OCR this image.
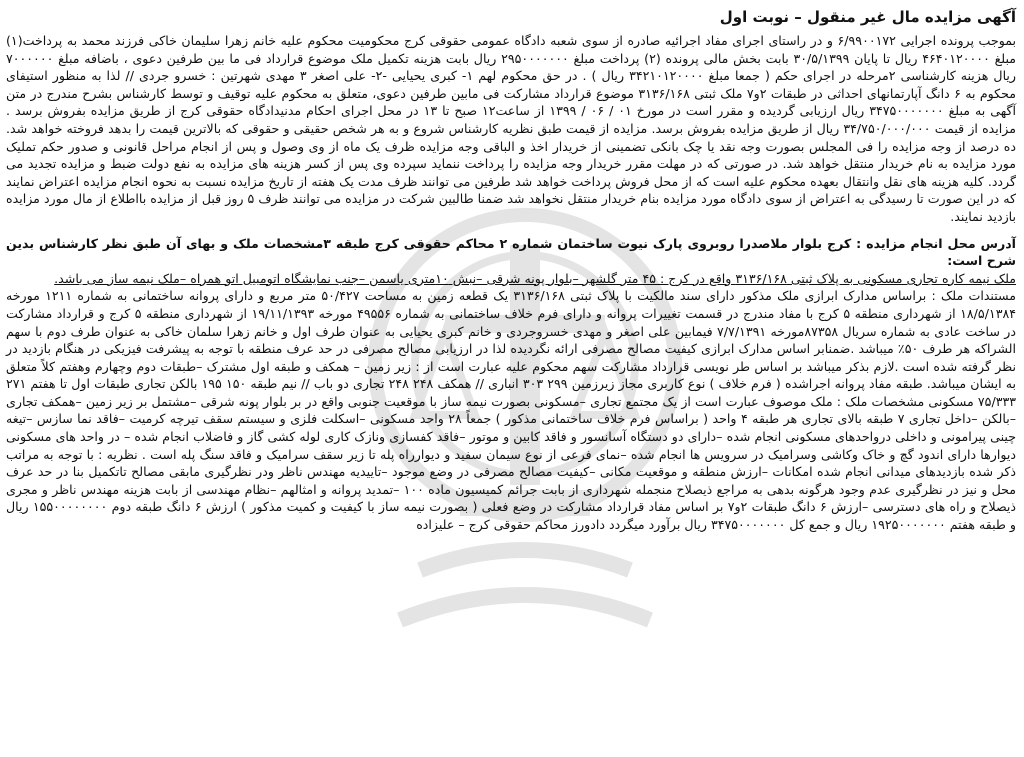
آگهی مزایده مال غیر منقول – نوبت اول

بموجب پرونده اجرایی ۶/۹۹۰۰۱۷۲ و در راستای اجرای مفاد اجرائیه صادره از سوی شعبه دادگاه عمومی حقوقی کرج محکومیت محکوم علیه خانم زهرا سلیمان خاکی فرزند محمد به پرداخت(۱) مبلغ ۴۶۴۰۱۲۰۰۰۰ ریال تا پایان ۳۰/۵/۱۳۹۹ بابت بخش مالی پرونده (۲) پرداخت مبلغ ۲۹۵۰۰۰۰۰۰۰ ریال بابت هزینه تکمیل ملک موضوع قرارداد فی ما بین طرفین دعوی ، باضافه مبلغ ۷۰۰۰۰۰۰ ریال هزینه کارشناسی ۲مرحله در اجرای حکم ( جمعا مبلغ ۳۴۲۱۰۱۲۰۰۰۰ ریال ) . در حق محکوم لهم ۱- کبری یحیایی -۲- علی اصغر ۳ مهدی شهرتین : خسرو جردی // لذا به منظور استیفای محکوم به ۶ دانگ آپارتمانهای احداثی در طبقات ۲و۷ ملک ثبتی ۳۱۳۶/۱۶۸ موضوع قرارداد مشارکت فی مابین طرفین دعوی، متعلق به محکوم علیه توقیف و توسط کارشناس بشرح مندرج در متن آگهی به مبلغ ۳۴۷۵۰۰۰۰۰۰۰ ریال ارزیابی گردیده و مقرر است در مورخ ۰۱ / ۰۶ / ۱۳۹۹ از ساعت۱۲ صبح تا ۱۳ در محل اجرای احکام مدنیدادگاه حقوقی کرج از طریق مزایده بفروش برسد . مزایده از قیمت ۳۴/۷۵۰/۰۰۰/۰۰۰ ریال از طریق مزایده بفروش برسد. مزایده از قیمت طبق نظریه کارشناس شروع و به هر شخص حقیقی و حقوقی که بالاترین قیمت را بدهد فروخته خواهد شد. ده درصد از وجه مزایده را فی المجلس بصورت وجه نقد یا چک بانکی تضمینی از خریدار اخذ و الباقی وجه مزایده ظرف یک ماه از وی وصول و پس از انجام مراحل قانونی و صدور حکم تملیک مورد مزایده به نام خریدار منتقل خواهد شد. در صورتی که در مهلت مقرر خریدار وجه مزایده را پرداخت ننماید سپرده وی پس از کسر هزینه های مزایده به نفع دولت ضبط و مزایده تجدید می گردد. کلیه هزینه های نقل وانتقال بعهده محکوم علیه است که از محل فروش پرداخت خواهد شد طرفین می توانند ظرف مدت یک هفته از تاریخ مزایده نسبت به نحوه انجام مزایده اعتراض نمایند که در این صورت تا رسیدگی به اعتراض از سوی دادگاه مورد مزایده بنام خریدار منتقل نخواهد شد ضمنا طالبین شرکت در مزایده می توانند ظرف ۵ روز قبل از مزایده بااطلاع از مال مورد مزایده بازدید نمایند.

آدرس محل انجام مزایده : کرج بلوار ملاصدرا روبروی پارک نیوت ساختمان شماره ۲ محاکم حقوقی کرج طبقه ۳مشخصات ملک و بهای آن طبق نظر کارشناس بدین شرح است:

ملک نیمه کاره تجاری مسکونی به پلاک ثبتی ۳۱۳۶/۱۶۸ واقع در کرج : ۴۵ متر گلشهر –بلوار پونه شرقی –نبش ۱۰متری یاسمن –جنب نمایشگاه اتومبیل اتو همراه –ملک نیمه ساز می باشد.

مستندات ملک : براساس مدارک ابرازی ملک مذکور دارای سند مالکیت با پلاک ثبتی ۳۱۳۶/۱۶۸ یک قطعه زمین به مساحت ۵۰/۴۲۷ متر مربع و دارای پروانه ساختمانی به شماره ۱۲۱۱ مورخه ۱۸/۵/۱۳۸۴ از شهرداری منطقه ۵ کرج با مفاد مندرج در قسمت تغییرات پروانه و دارای فرم خلاف ساختمانی به شماره ۴۹۵۵۶ مورخه ۱۹/۱۱/۱۳۹۳ از شهرداری منطقه ۵ کرج و قرارداد مشارکت در ساخت عادی به شماره سریال ۸۷۳۵۸مورخه ۷/۷/۱۳۹۱ فیمابین علی اصغر و مهدی خسروجردی و خانم کبری یحیایی به عنوان طرف اول و خانم زهرا سلمان خاکی به عنوان طرف دوم با سهم الشراکه هر طرف ۵۰٪ میباشد .ضمنابر اساس مدارک ابرازی کیفیت مصالح مصرفی ارائه نگردیده لذا در ارزیابی مصالح مصرفی در حد عرف منطقه با توجه به پیشرفت فیزیکی در هنگام بازدید در نظر گرفته شده است .لازم بذکر میباشد بر اساس طر نویسی قرارداد مشارکت سهم محکوم علیه عبارت است از : زیر زمین – همکف و طبقه اول مشترک –طبقات دوم وچهارم وهفتم کلاً متعلق به ایشان میباشد. طبقه مفاد پروانه اجراشده ( فرم خلاف ) نوع کاربری مجاز زیرزمین ۲۹۹ ۳۰۳ انباری // همکف ۲۴۸ ۲۴۸ تجاری دو باب // نیم طبقه ۱۵۰ ۱۹۵ بالکن تجاری طبقات اول تا هفتم ۲۷۱ ۷۵/۳۳۳ مسکونی مشخصات ملک : ملک موصوف عبارت است از یک مجتمع تجاری –مسکونی بصورت نیمه ساز با موقعیت جنوبی واقع در بر بلوار پونه شرقی –مشتمل بر زیر زمین –همکف تجاری –بالکن –داخل تجاری ۷ طبقه بالای تجاری هر طبقه ۴ واحد ( براساس فرم خلاف ساختمانی مذکور ) جمعاً ۲۸ واحد مسکونی –اسکلت فلزی و سیستم سقف تیرچه کرمیت –فاقد نما سازس –تیغه چینی پیرامونی و داخلی درواحدهای مسکونی انجام شده –دارای دو دستگاه آسانسور و فاقد کابین و موتور –فاقد کفسازی ونازک کاری لوله کشی گاز و فاضلاب انجام شده – در واحد های مسکونی دیوارها دارای اندود گچ و خاک وکاشی وسرامیک در سرویس ها انجام شده –نمای فرعی از نوع سیمان سفید و دیوارراه پله تا زیر سقف سرامیک و فاقد سنگ پله است . نظریه : با توجه به مراتب ذکر شده بازدیدهای میدانی انجام شده امکانات –ارزش منطقه و موقعیت مکانی –کیفیت مصالح مصرفی در وضع موجود –تاییدیه مهندس ناظر ودر نظرگیری مابقی مصالح تاتکمیل بنا در حد عرف محل و نیز در نظرگیری عدم وجود هرگونه بدهی به مراجع ذیصلاح منجمله شهرداری از بابت جرائم کمیسیون ماده ۱۰۰ –تمدید پروانه و امثالهم –نظام مهندسی از بابت هزینه مهندس ناظر و مجری ذیصلاح و راه های دسترسی –ارزش ۶ دانگ طبقات ۲و۷ بر اساس مفاد قرارداد مشارکت در وضع فعلی ( بصورت نیمه ساز با کیفیت و کمیت مذکور ) ارزش ۶ دانگ طبقه دوم ۱۵۵۰۰۰۰۰۰۰۰ ریال و طبقه هفتم ۱۹۲۵۰۰۰۰۰۰۰ ریال و جمع کل ۳۴۷۵۰۰۰۰۰۰۰ ریال برآورد میگردد دادورز محاکم حقوقی کرج – علیزاده
